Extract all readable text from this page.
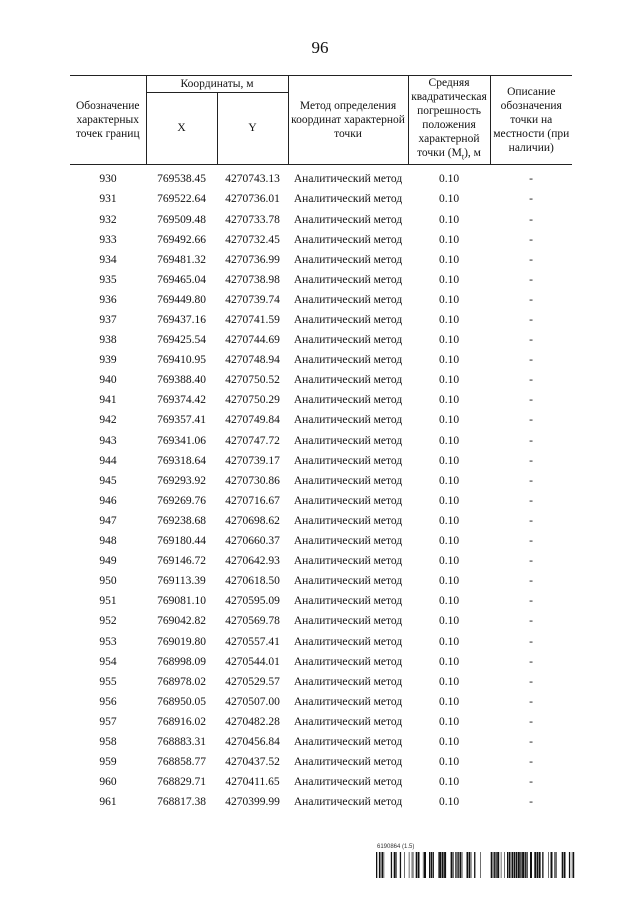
96
Обозначение характерных точек границ	Координаты, м		Метод определения координат характерной точки	Средняя квадратическая погрешность положения характерной точки $(M_t)$, м	Описание обозначения точки на местности (при наличии)
	X	Y			
930	769538.45	4270743.13	Аналитический метод	0.10	-
931	769522.64	4270736.01	Аналитический метод	0.10	-
932	769509.48	4270733.78	Аналитический метод	0.10	-
933	769492.66	4270732.45	Аналитический метод	0.10	-
934	769481.32	4270736.99	Аналитический метод	0.10	-
935	769465.04	4270738.98	Аналитический метод	0.10	-
936	769449.80	4270739.74	Аналитический метод	0.10	-
937	769437.16	4270741.59	Аналитический метод	0.10	-
938	769425.54	4270744.69	Аналитический метод	0.10	-
939	769410.95	4270748.94	Аналитический метод	0.10	-
940	769388.40	4270750.52	Аналитический метод	0.10	-
941	769374.42	4270750.29	Аналитический метод	0.10	-
942	769357.41	4270749.84	Аналитический метод	0.10	-
943	769341.06	4270747.72	Аналитический метод	0.10	-
944	769318.64	4270739.17	Аналитический метод	0.10	-
945	769293.92	4270730.86	Аналитический метод	0.10	-
946	769269.76	4270716.67	Аналитический метод	0.10	-
947	769238.68	4270698.62	Аналитический метод	0.10	-
948	769180.44	4270660.37	Аналитический метод	0.10	-
949	769146.72	4270642.93	Аналитический метод	0.10	-
950	769113.39	4270618.50	Аналитический метод	0.10	-
951	769081.10	4270595.09	Аналитический метод	0.10	-
952	769042.82	4270569.78	Аналитический метод	0.10	-
953	769019.80	4270557.41	Аналитический метод	0.10	-
954	768998.09	4270544.01	Аналитический метод	0.10	-
955	768978.02	4270529.57	Аналитический метод	0.10	-
956	768950.05	4270507.00	Аналитический метод	0.10	-
957	768916.02	4270482.28	Аналитический метод	0.10	-
958	768883.31	4270456.84	Аналитический метод	0.10	-
959	768858.77	4270437.52	Аналитический метод	0.10	-
960	768829.71	4270411.65	Аналитический метод	0.10	-
961	768817.38	4270399.99	Аналитический метод	0.10	-
6190864 (1.5)
